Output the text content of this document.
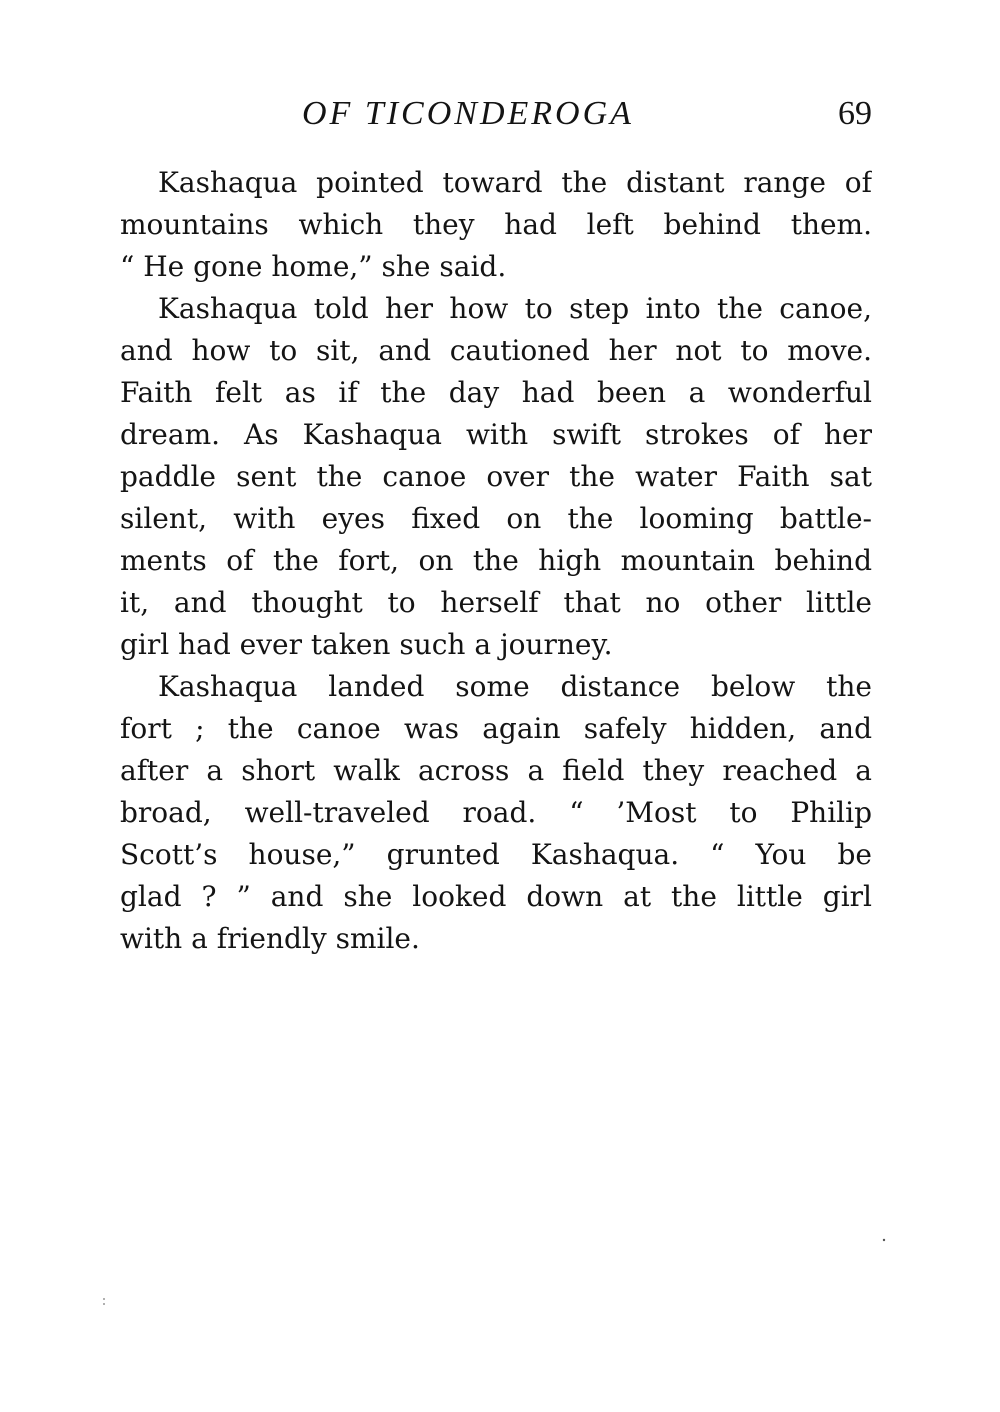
OF TICONDEROGA	69
Kashaqua pointed toward the distant range of
mountains which they had left behind them.
“ He gone home,” she said.
Kashaqua told her how to step into the canoe,
and how to sit, and cautioned her not to move.
Faith felt as if the day had been a wonderful
dream. As Kashaqua with swift strokes of her
paddle sent the canoe over the water Faith sat
silent, with eyes fixed on the looming battle-
ments of the fort, on the high mountain behind
it, and thought to herself that no other little
girl had ever taken such a journey.
Kashaqua landed some distance below the
fort ; the canoe was again safely hidden, and
after a short walk across a field they reached a
broad, well-traveled road. “ ’Most to Philip
Scott’s house,” grunted Kashaqua. “ You be
glad ? ” and she looked down at the little girl
with a friendly smile.
